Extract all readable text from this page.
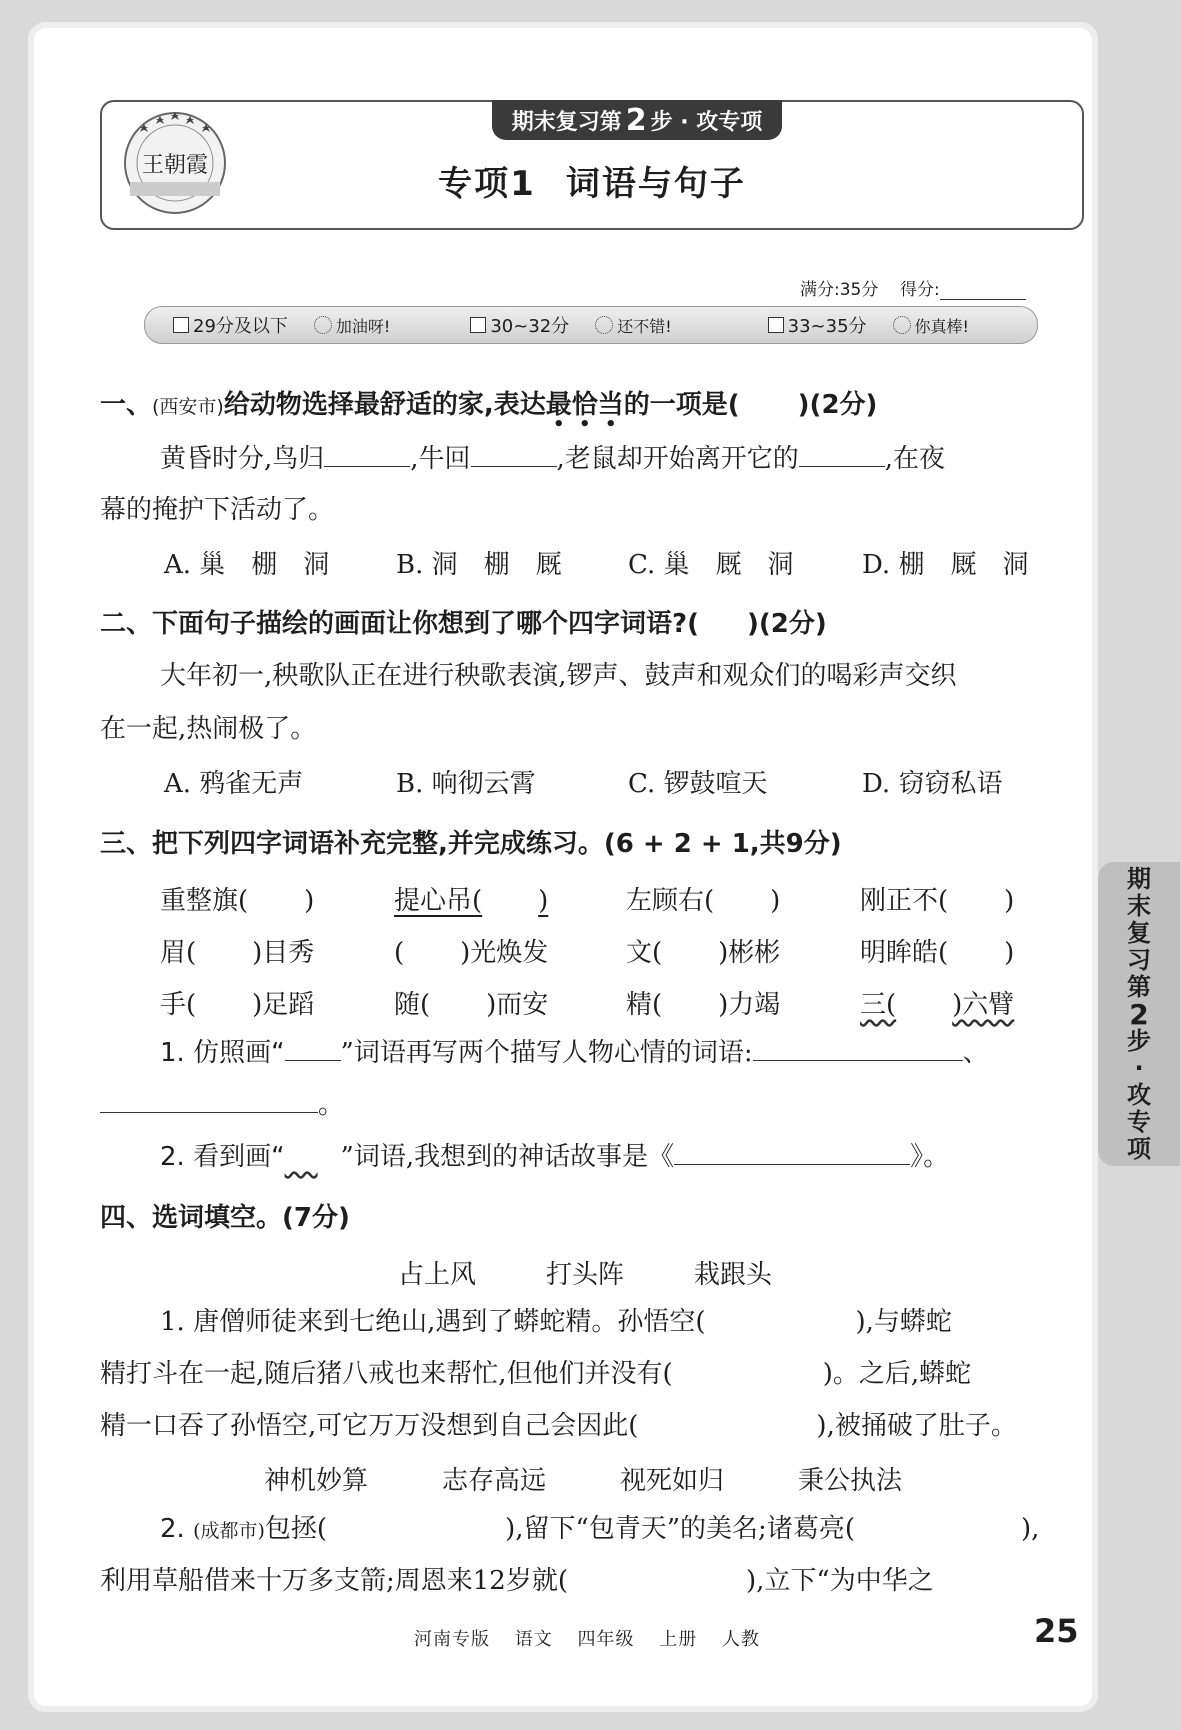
王朝霞
期末复习第 2 步 · 攻专项
专项1 词语与句子
满分:35分 得分:
29分及以下	加油呀!	30~32分	还不错!	33~35分	你真棒!
一、(西安市)给动物选择最舒适的家,表达最恰当的一项是( )(2分)
黄昏时分,鸟归	,牛回	,老鼠却开始离开它的	,在夜
幕的掩护下活动了。
A. 巢　棚　洞	B. 洞　棚　厩	C. 巢　厩　洞	D. 棚　厩　洞
二、下面句子描绘的画面让你想到了哪个四字词语?( )(2分)
大年初一,秧歌队正在进行秧歌表演,锣声、鼓声和观众们的喝彩声交织
在一起,热闹极了。
A. 鸦雀无声	B. 响彻云霄	C. 锣鼓喧天	D. 窃窃私语
三、把下列四字词语补充完整,并完成练习。(6 + 2 + 1,共9分)
重整旗( )	提心吊( )	左顾右( )	刚正不( )
眉( )目秀	( )光焕发	文( )彬彬	明眸皓( )
手( )足蹈	随( )而安	精( )力竭	三( )六臂
1. 仿照画“ ”词语再写两个描写人物心情的词语:	、
。
2. 看到画“ ”词语,我想到的神话故事是《	》。
四、选词填空。(7分)
占上风	打头阵	栽跟头
1. 唐僧师徒来到七绝山,遇到了蟒蛇精。孙悟空(	),与蟒蛇
精打斗在一起,随后猪八戒也来帮忙,但他们并没有(	)。之后,蟒蛇
精一口吞了孙悟空,可它万万没想到自己会因此(	),被捅破了肚子。
神机妙算	志存高远	视死如归	秉公执法
2. (成都市)包拯(	),留下“包青天”的美名;诸葛亮(	),
利用草船借来十万多支箭;周恩来12岁就(	),立下“为中华之
期
末
复
习
第
2
步
·
攻
专
项
河南专版 语文 四年级 上册 人教	25
